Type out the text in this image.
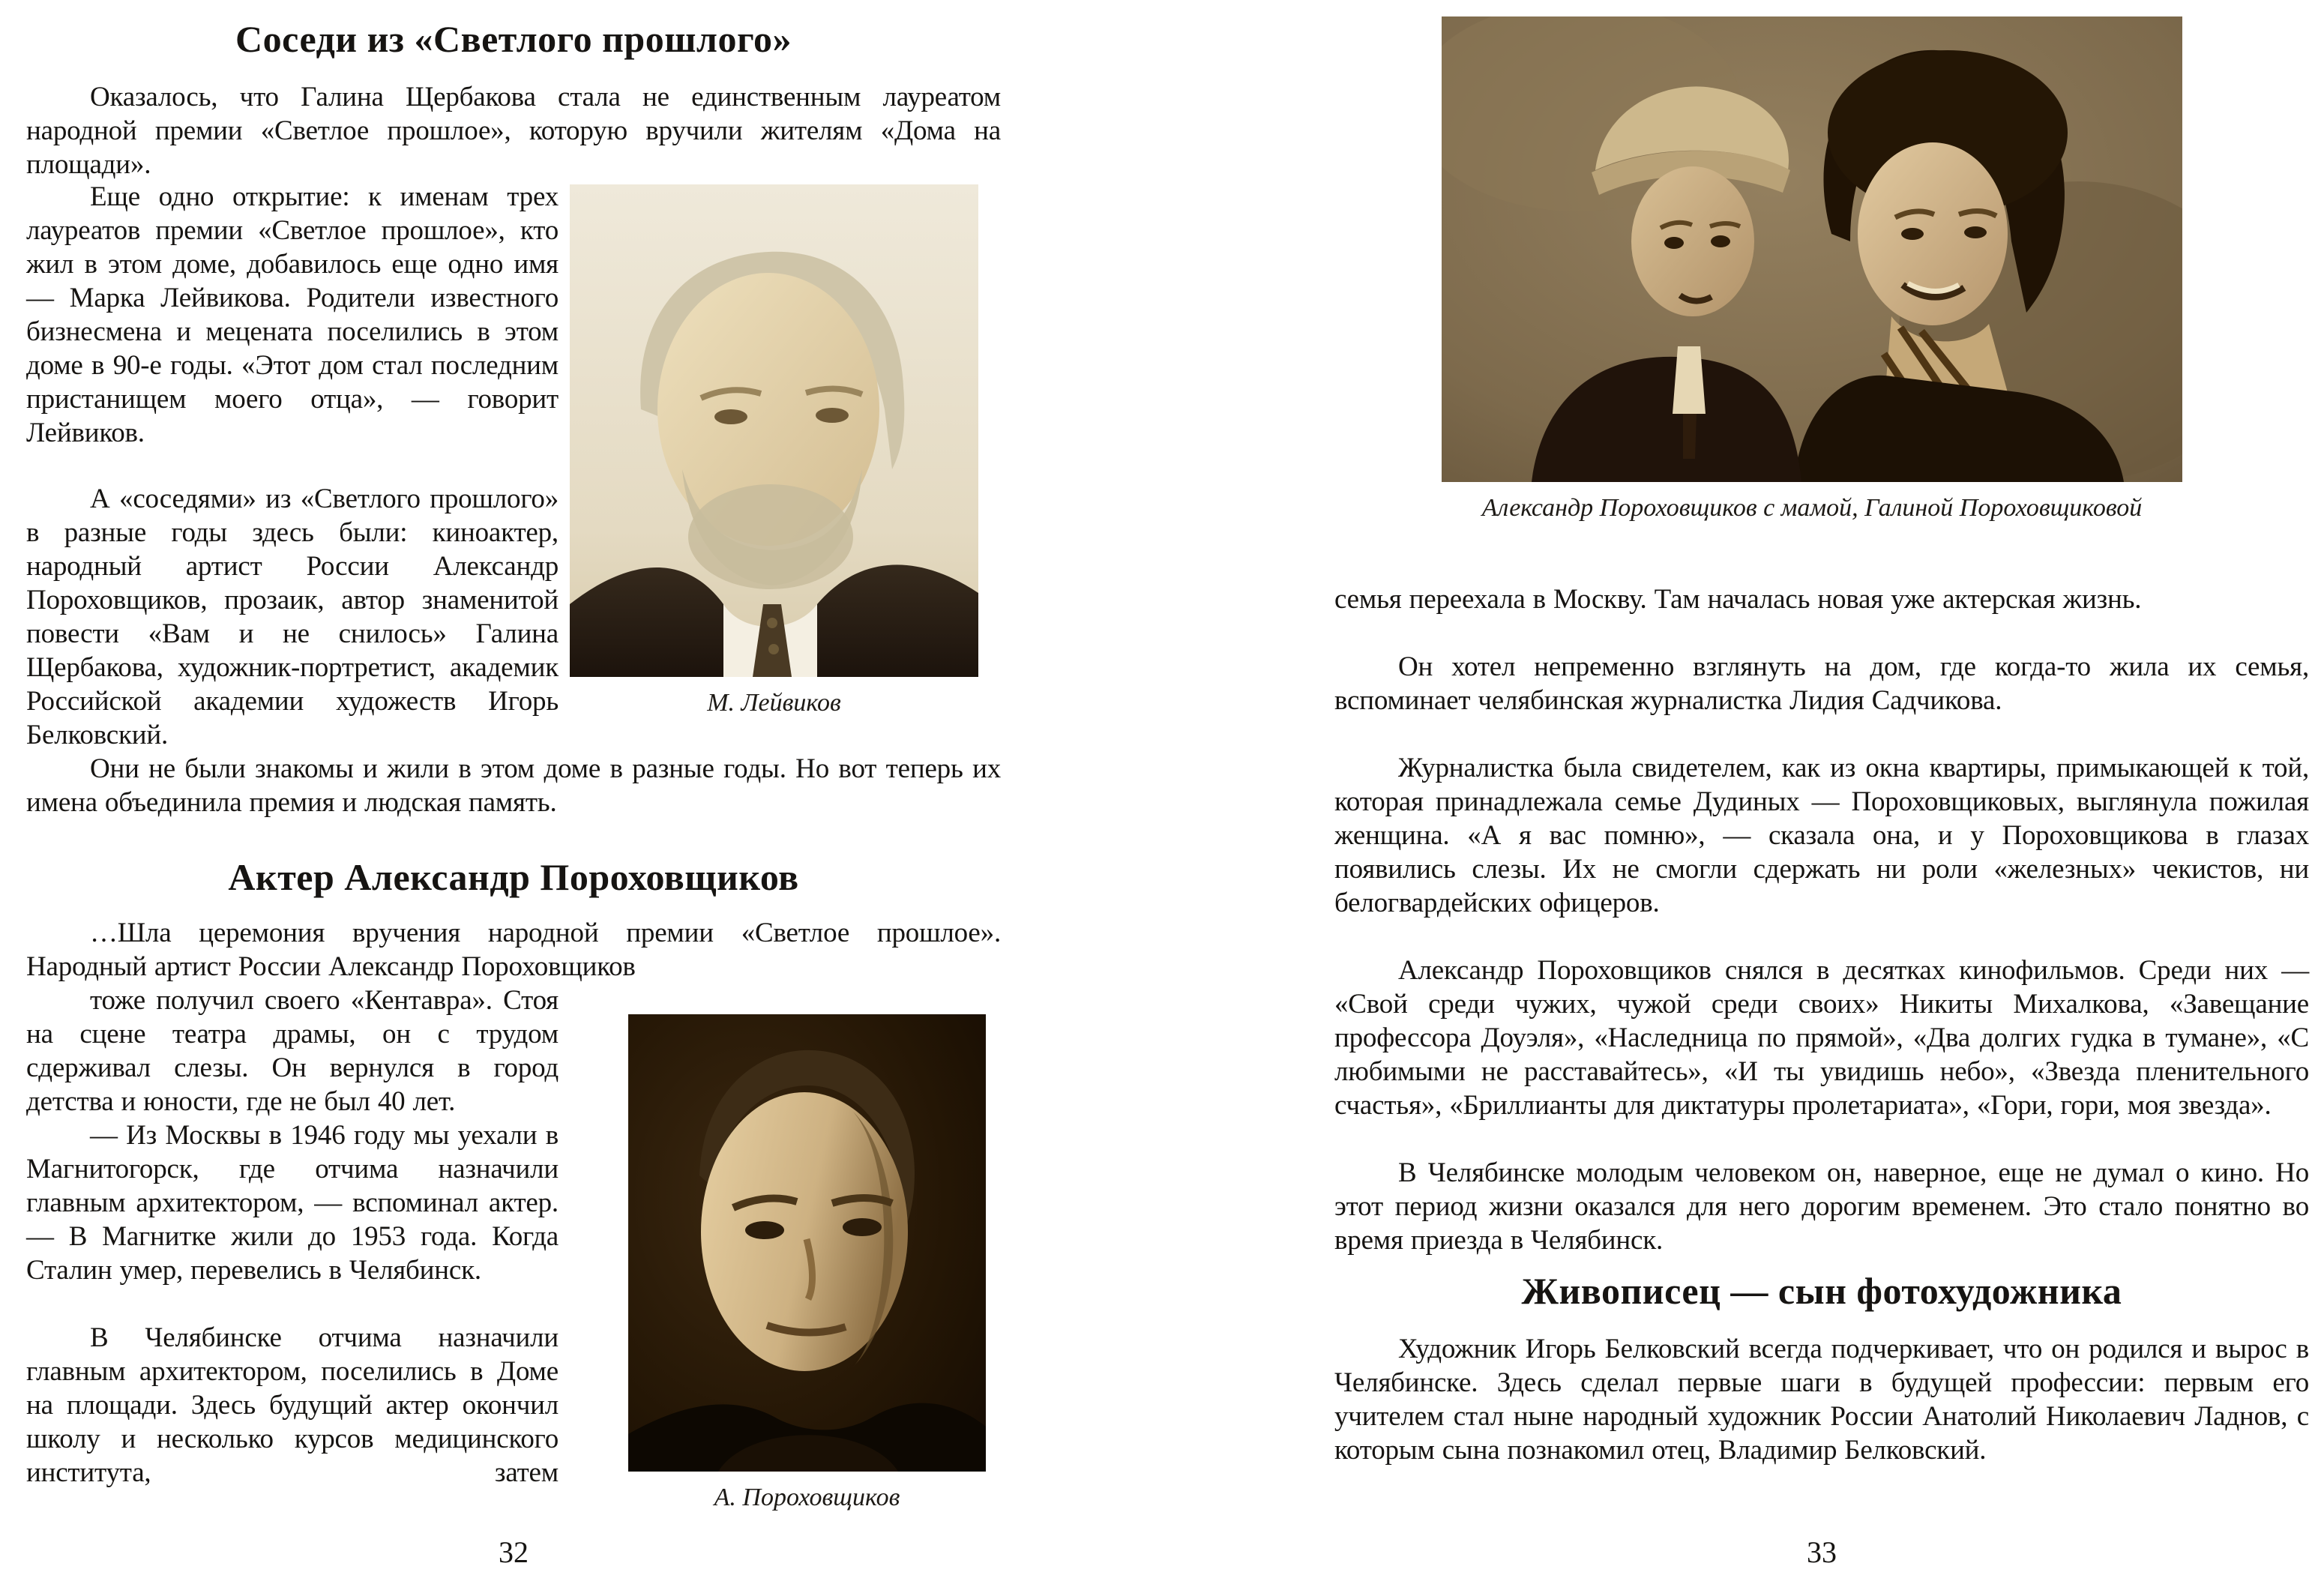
Соседи из «Светлого прошлого»

Оказалось, что Галина Щербакова стала не единственным лауреатом народной премии «Светлое прошлое», которую вручили жителям «Дома на площади».

М. Лейвиков

Еще одно открытие: к именам трех лауреатов премии «Светлое прошлое», кто жил в этом доме, добавилось еще одно имя — Марка Лейвикова. Родители известного бизнесмена и мецената поселились в этом доме в 90-е годы. «Этот дом стал последним пристанищем моего отца», — говорит Лейвиков.

А «соседями» из «Светлого прошлого» в разные годы здесь были: киноактер, народный артист России Александр Пороховщиков, прозаик, автор знаменитой повести «Вам и не снилось» Галина Щербакова, художник-портретист, академик Российской академии художеств Игорь Белковский.

Они не были знакомы и жили в этом доме в разные годы. Но вот теперь их имена объединила премия и людская память.

Актер Александр Пороховщиков

…Шла церемония вручения народной премии «Светлое прошлое». Народный артист России Александр Пороховщиков

А. Пороховщиков

тоже получил своего «Кентавра». Стоя на сцене театра драмы, он с трудом сдерживал слезы. Он вернулся в город детства и юности, где не был 40 лет.

— Из Москвы в 1946 году мы уехали в Магнитогорск, где отчима назначили главным архитектором, — вспоминал актер. — В Магнитке жили до 1953 года. Когда Сталин умер, перевелись в Челябинск.

В Челябинске отчима назначили главным архитектором, поселились в Доме на площади. Здесь будущий актер окончил школу и несколько курсов медицинского института, затем

32
Александр Пороховщиков с мамой, Галиной Пороховщиковой

семья переехала в Москву. Там началась новая уже актерская жизнь.

Он хотел непременно взглянуть на дом, где когда-то жила их семья, вспоминает челябинская журналистка Лидия Садчикова.

Журналистка была свидетелем, как из окна квартиры, примыкающей к той, которая принадлежала семье Дудиных — Пороховщиковых, выглянула пожилая женщина. «А я вас помню», — сказала она, и у Пороховщикова в глазах появились слезы. Их не смогли сдержать ни роли «железных» чекистов, ни белогвардейских офицеров.

Александр Пороховщиков снялся в десятках кинофильмов. Среди них — «Свой среди чужих, чужой среди своих» Никиты Михалкова, «Завещание профессора Доуэля», «Наследница по прямой», «Два долгих гудка в тумане», «С любимыми не расставайтесь», «И ты увидишь небо», «Звезда пленительного счастья», «Бриллианты для диктатуры пролетариата», «Гори, гори, моя звезда».

В Челябинске молодым человеком он, наверное, еще не думал о кино. Но этот период жизни оказался для него дорогим временем. Это стало понятно во время приезда в Челябинск.

Живописец — сын фотохудожника

Художник Игорь Белковский всегда подчеркивает, что он родился и вырос в Челябинске. Здесь сделал первые шаги в будущей профессии: первым его учителем стал ныне народный художник России Анатолий Николаевич Ладнов, с которым сына познакомил отец, Владимир Белковский.

33
